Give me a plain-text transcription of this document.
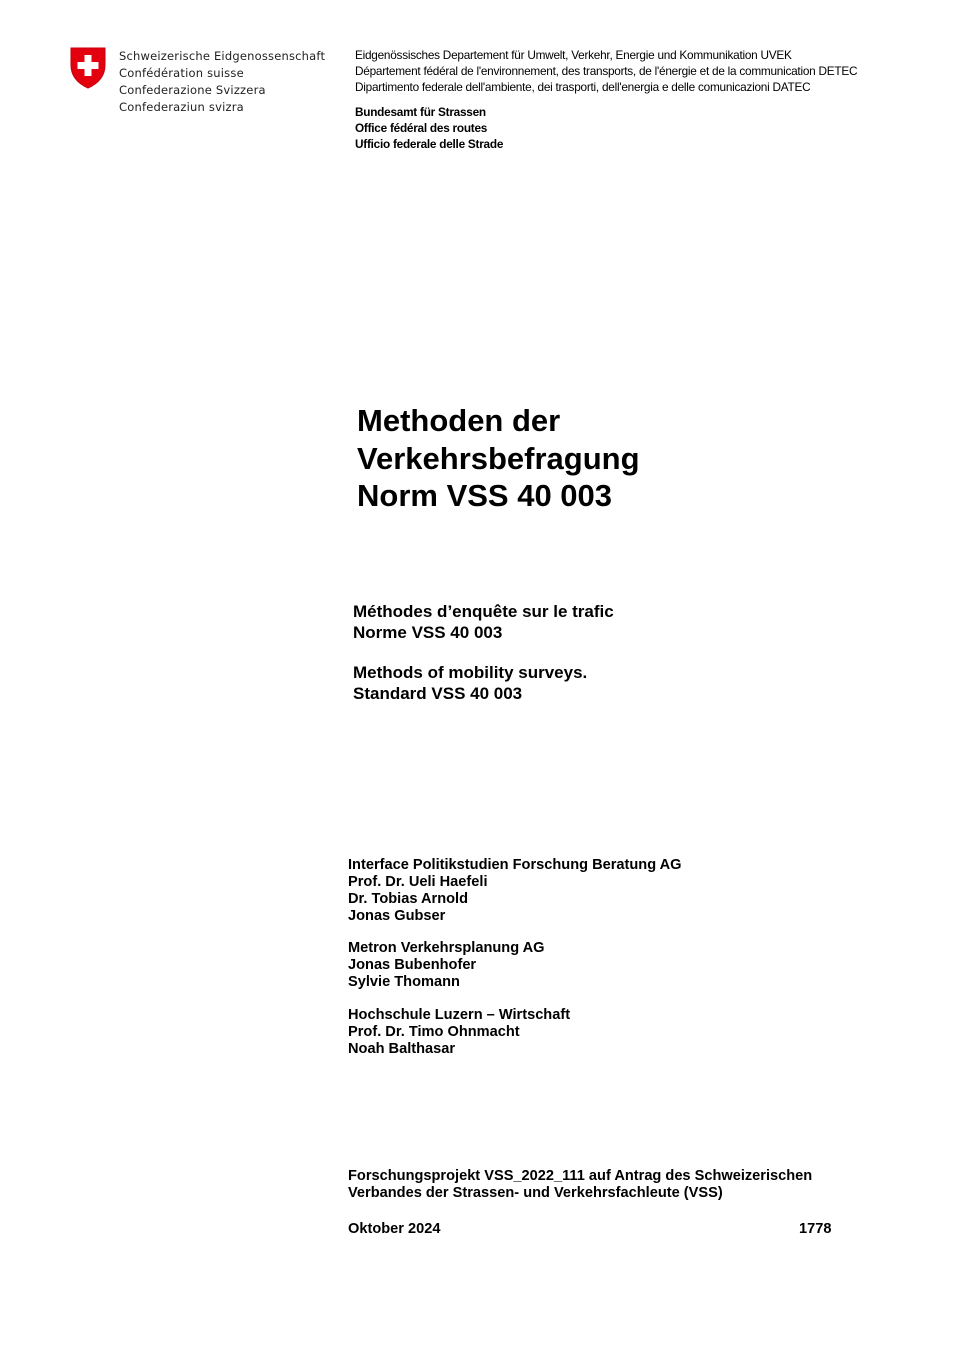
Schweizerische Eidgenossenschaft
Confédération suisse
Confederazione Svizzera
Confederaziun svizra
Eidgenössisches Departement für Umwelt, Verkehr, Energie und Kommunikation UVEK
Département fédéral de l'environnement, des transports, de l'énergie et de la communication DETEC
Dipartimento federale dell'ambiente, dei trasporti, dell'energia e delle comunicazioni DATEC
Bundesamt für Strassen
Office fédéral des routes
Ufficio federale delle Strade
Methoden der
Verkehrsbefragung
Norm VSS 40 003
Méthodes d’enquête sur le trafic
Norme VSS 40 003
Methods of mobility surveys.
Standard VSS 40 003
Interface Politikstudien Forschung Beratung AG
Prof. Dr. Ueli Haefeli
Dr. Tobias Arnold
Jonas Gubser
Metron Verkehrsplanung AG
Jonas Bubenhofer
Sylvie Thomann
Hochschule Luzern – Wirtschaft
Prof. Dr. Timo Ohnmacht
Noah Balthasar
Forschungsprojekt VSS_2022_111 auf Antrag des Schweizerischen
Verbandes der Strassen- und Verkehrsfachleute (VSS)
Oktober 2024	1778
